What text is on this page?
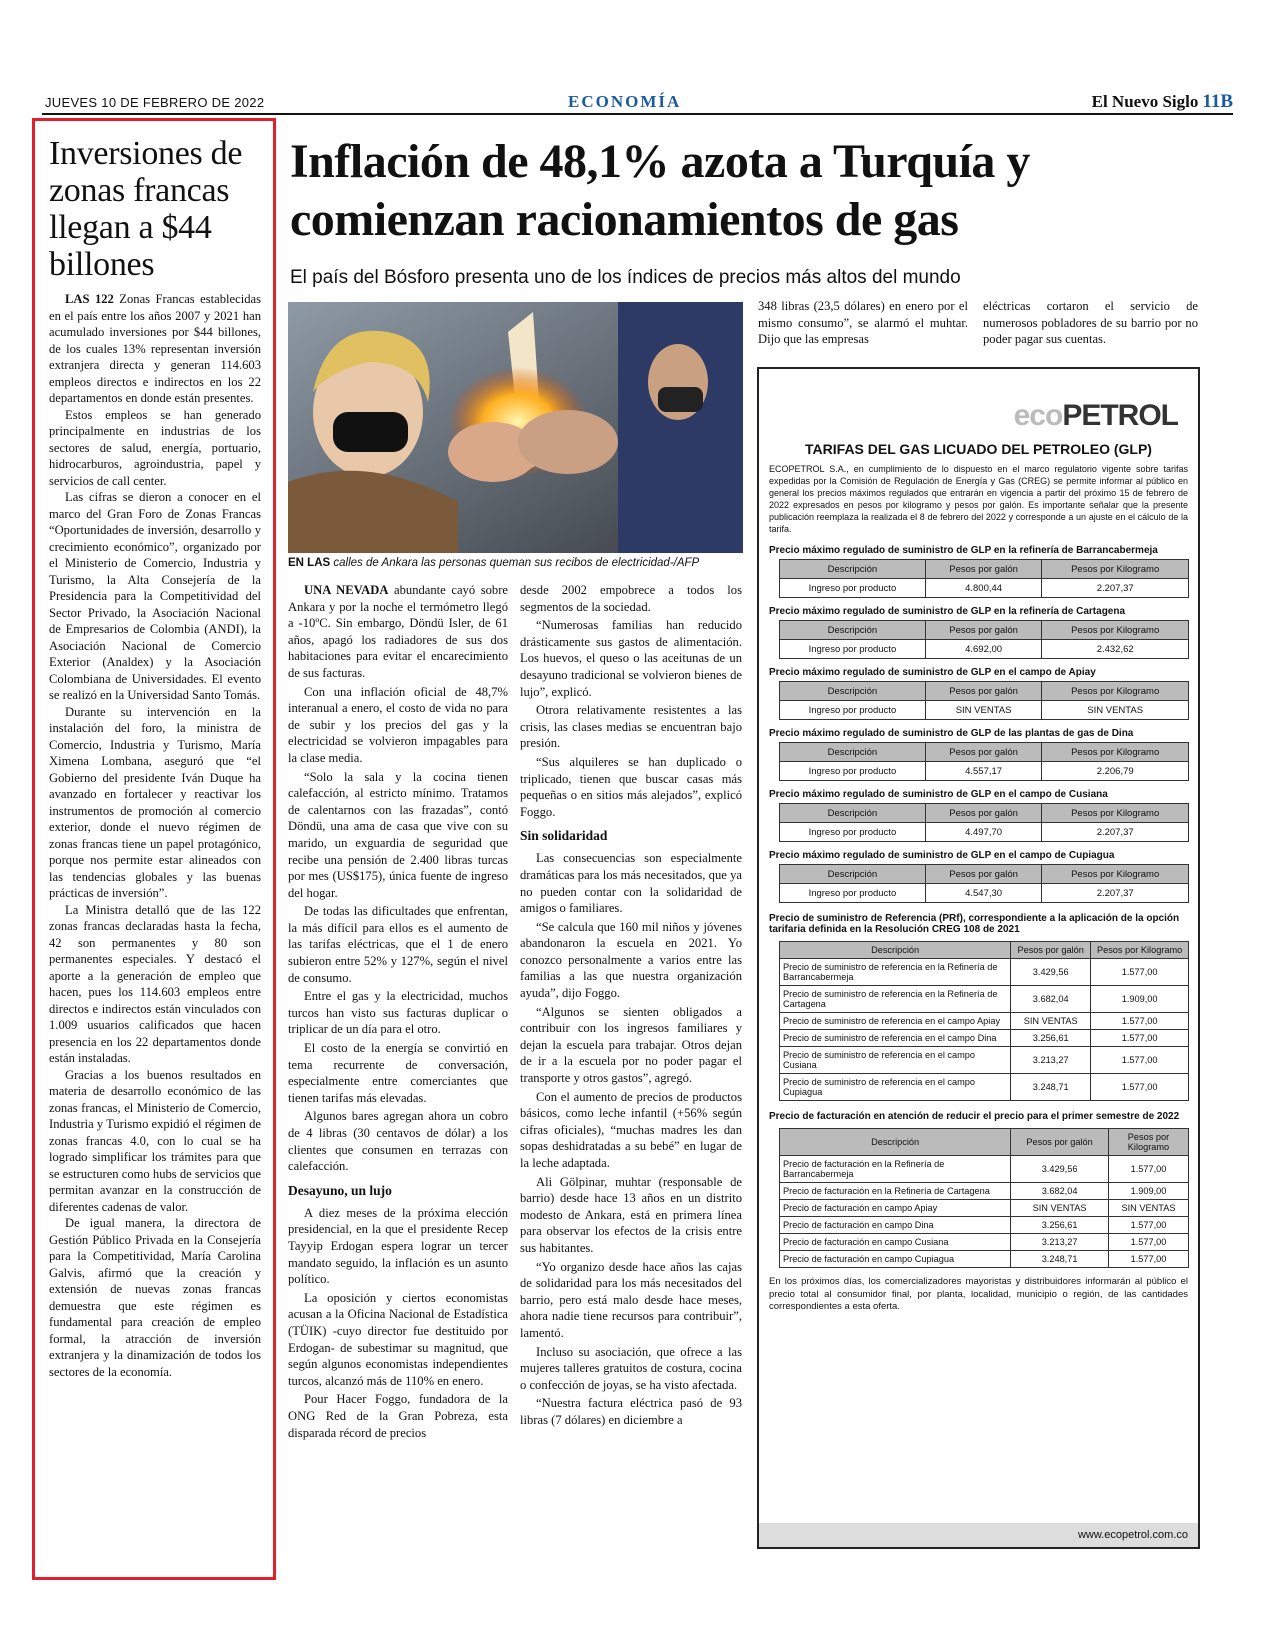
JUEVES 10 DE FEBRERO DE 2022	ECONOMÍA	El Nuevo Siglo 11B
Inversiones de zonas francas llegan a $44 billones

LAS 122 Zonas Francas establecidas en el país entre los años 2007 y 2021 han acumulado inversiones por $44 billones, de los cuales 13% representan inversión extranjera directa y generan 114.603 empleos directos e indirectos en los 22 departamentos en donde están presentes.

Estos empleos se han generado principalmente en industrias de los sectores de salud, energía, portuario, hidrocarburos, agroindustria, papel y servicios de call center.

Las cifras se dieron a conocer en el marco del Gran Foro de Zonas Francas “Oportunidades de inversión, desarrollo y crecimiento económico”, organizado por el Ministerio de Comercio, Industria y Turismo, la Alta Consejería de la Presidencia para la Competitividad del Sector Privado, la Asociación Nacional de Empresarios de Colombia (ANDI), la Asociación Nacional de Comercio Exterior (Analdex) y la Asociación Colombiana de Universidades. El evento se realizó en la Universidad Santo Tomás.

Durante su intervención en la instalación del foro, la ministra de Comercio, Industria y Turismo, María Ximena Lombana, aseguró que “el Gobierno del presidente Iván Duque ha avanzado en fortalecer y reactivar los instrumentos de promoción al comercio exterior, donde el nuevo régimen de zonas francas tiene un papel protagónico, porque nos permite estar alineados con las tendencias globales y las buenas prácticas de inversión”.

La Ministra detalló que de las 122 zonas francas declaradas hasta la fecha, 42 son permanentes y 80 son permanentes especiales. Y destacó el aporte a la generación de empleo que hacen, pues los 114.603 empleos entre directos e indirectos están vinculados con 1.009 usuarios calificados que hacen presencia en los 22 departamentos donde están instaladas.

Gracias a los buenos resultados en materia de desarrollo económico de las zonas francas, el Ministerio de Comercio, Industria y Turismo expidió el régimen de zonas francas 4.0, con lo cual se ha logrado simplificar los trámites para que se estructuren como hubs de servicios que permitan avanzar en la construcción de diferentes cadenas de valor.

De igual manera, la directora de Gestión Público Privada en la Consejería para la Competitividad, María Carolina Galvis, afirmó que la creación y extensión de nuevas zonas francas demuestra que este régimen es fundamental para creación de empleo formal, la atracción de inversión extranjera y la dinamización de todos los sectores de la economía.

Inflación de 48,1% azota a Turquía y comienzan racionamientos de gas
El país del Bósforo presenta uno de los índices de precios más altos del mundo
EN LAS calles de Ankara las personas queman sus recibos de electricidad-/AFP

UNA NEVADA abundante cayó sobre Ankara y por la noche el termómetro llegó a -10ºC. Sin embargo, Döndü Isler, de 61 años, apagó los radiadores de sus dos habitaciones para evitar el encarecimiento de sus facturas.

Con una inflación oficial de 48,7% interanual a enero, el costo de vida no para de subir y los precios del gas y la electricidad se volvieron impagables para la clase media.

“Solo la sala y la cocina tienen calefacción, al estricto mínimo. Tratamos de calentarnos con las frazadas”, contó Döndü, una ama de casa que vive con su marido, un exguardia de seguridad que recibe una pensión de 2.400 libras turcas por mes (US$175), única fuente de ingreso del hogar.

De todas las dificultades que enfrentan, la más difícil para ellos es el aumento de las tarifas eléctricas, que el 1 de enero subieron entre 52% y 127%, según el nivel de consumo.

Entre el gas y la electricidad, muchos turcos han visto sus facturas duplicar o triplicar de un día para el otro.

El costo de la energía se convirtió en tema recurrente de conversación, especialmente entre comerciantes que tienen tarifas más elevadas.

Algunos bares agregan ahora un cobro de 4 libras (30 centavos de dólar) a los clientes que consumen en terrazas con calefacción.

Desayuno, un lujo

A diez meses de la próxima elección presidencial, en la que el presidente Recep Tayyip Erdogan espera lograr un tercer mandato seguido, la inflación es un asunto político.

La oposición y ciertos economistas acusan a la Oficina Nacional de Estadística (TÜIK) -cuyo director fue destituido por Erdogan- de subestimar su magnitud, que según algunos economistas independientes turcos, alcanzó más de 110% en enero.

Pour Hacer Foggo, fundadora de la ONG Red de la Gran Pobreza, esta disparada récord de precios

desde 2002 empobrece a todos los segmentos de la sociedad.

“Numerosas familias han reducido drásticamente sus gastos de alimentación. Los huevos, el queso o las aceitunas de un desayuno tradicional se volvieron bienes de lujo”, explicó.

Otrora relativamente resistentes a las crisis, las clases medias se encuentran bajo presión.

“Sus alquileres se han duplicado o triplicado, tienen que buscar casas más pequeñas o en sitios más alejados”, explicó Foggo.

Sin solidaridad

Las consecuencias son especialmente dramáticas para los más necesitados, que ya no pueden contar con la solidaridad de amigos o familiares.

“Se calcula que 160 mil niños y jóvenes abandonaron la escuela en 2021. Yo conozco personalmente a varios entre las familias a las que nuestra organización ayuda”, dijo Foggo.

“Algunos se sienten obligados a contribuir con los ingresos familiares y dejan la escuela para trabajar. Otros dejan de ir a la escuela por no poder pagar el transporte y otros gastos”, agregó.

Con el aumento de precios de productos básicos, como leche infantil (+56% según cifras oficiales), “muchas madres les dan sopas deshidratadas a su bebé” en lugar de la leche adaptada.

Ali Gölpinar, muhtar (responsable de barrio) desde hace 13 años en un distrito modesto de Ankara, está en primera línea para observar los efectos de la crisis entre sus habitantes.

“Yo organizo desde hace años las cajas de solidaridad para los más necesitados del barrio, pero está malo desde hace meses, ahora nadie tiene recursos para contribuir”, lamentó.

Incluso su asociación, que ofrece a las mujeres talleres gratuitos de costura, cocina o confección de joyas, se ha visto afectada.

“Nuestra factura eléctrica pasó de 93 libras (7 dólares) en diciembre a

348 libras (23,5 dólares) en enero por el mismo consumo”, se alarmó el muhtar. Dijo que las empresas

eléctricas cortaron el servicio de numerosos pobladores de su barrio por no poder pagar sus cuentas.

ecoPETROL
TARIFAS DEL GAS LICUADO DEL PETROLEO (GLP)
ECOPETROL S.A., en cumplimiento de lo dispuesto en el marco regulatorio vigente sobre tarifas expedidas por la Comisión de Regulación de Energía y Gas (CREG) se permite informar al público en general los precios máximos regulados que entrarán en vigencia a partir del próximo 15 de febrero de 2022 expresados en pesos por kilogramo y pesos por galón. Es importante señalar que la presente publicación reemplaza la realizada el 8 de febrero del 2022 y corresponde a un ajuste en el cálculo de la tarifa.
Precio máximo regulado de suministro de GLP en la refinería de Barrancabermeja
Descripción	Pesos por galón	Pesos por Kilogramo
Ingreso por producto	4.800,44	2.207,37
Precio máximo regulado de suministro de GLP en la refinería de Cartagena
Descripción	Pesos por galón	Pesos por Kilogramo
Ingreso por producto	4.692,00	2.432,62
Precio máximo regulado de suministro de GLP en el campo de Apiay
Descripción	Pesos por galón	Pesos por Kilogramo
Ingreso por producto	SIN VENTAS	SIN VENTAS
Precio máximo regulado de suministro de GLP de las plantas de gas de Dina
Descripción	Pesos por galón	Pesos por Kilogramo
Ingreso por producto	4.557,17	2.206,79
Precio máximo regulado de suministro de GLP en el campo de Cusiana
Descripción	Pesos por galón	Pesos por Kilogramo
Ingreso por producto	4.497,70	2.207,37
Precio máximo regulado de suministro de GLP en el campo de Cupiagua
Descripción	Pesos por galón	Pesos por Kilogramo
Ingreso por producto	4.547,30	2.207,37
Precio de suministro de Referencia (PRf), correspondiente a la aplicación de la opción tarifaria definida en la Resolución CREG 108 de 2021
Descripción	Pesos por galón	Pesos por Kilogramo
Precio de suministro de referencia en la Refinería de Barrancabermeja	3.429,56	1.577,00
Precio de suministro de referencia en la Refinería de Cartagena	3.682,04	1.909,00
Precio de suministro de referencia en el campo Apiay	SIN VENTAS	1.577,00
Precio de suministro de referencia en el campo Dina	3.256,61	1.577,00
Precio de suministro de referencia en el campo Cusiana	3.213,27	1.577,00
Precio de suministro de referencia en el campo Cupiagua	3.248,71	1.577,00
Precio de facturación en atención de reducir el precio para el primer semestre de 2022
Descripción	Pesos por galón	Pesos por Kilogramo
Precio de facturación en la Refinería de Barrancabermeja	3.429,56	1.577,00
Precio de facturación en la Refinería de Cartagena	3.682,04	1.909,00
Precio de facturación en campo Apiay	SIN VENTAS	SIN VENTAS
Precio de facturación en campo Dina	3.256,61	1.577,00
Precio de facturación en campo Cusiana	3.213,27	1.577,00
Precio de facturación en campo Cupiagua	3.248,71	1.577,00
En los próximos días, los comercializadores mayoristas y distribuidores informarán al público el precio total al consumidor final, por planta, localidad, municipio o región, de las cantidades correspondientes a esta oferta.
www.ecopetrol.com.co
